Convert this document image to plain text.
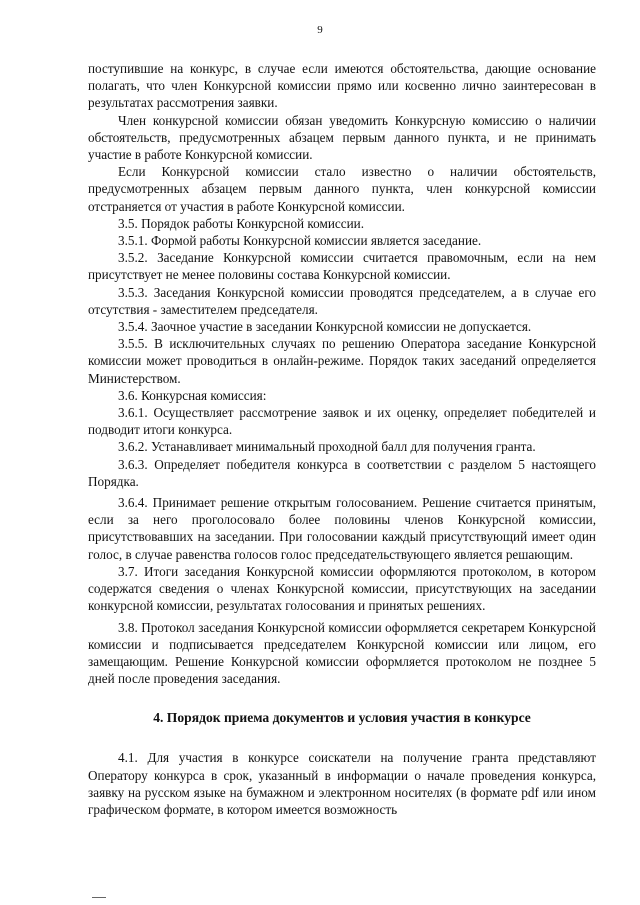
9

поступившие на конкурс, в случае если имеются обстоятельства, дающие основание полагать, что член Конкурсной комиссии прямо или косвенно лично заинтересован в результатах рассмотрения заявки.

Член конкурсной комиссии обязан уведомить Конкурсную комиссию о наличии обстоятельств, предусмотренных абзацем первым данного пункта, и не принимать участие в работе Конкурсной комиссии.

Если Конкурсной комиссии стало известно о наличии обстоятельств, предусмотренных абзацем первым данного пункта, член конкурсной комиссии отстраняется от участия в работе Конкурсной комиссии.

3.5. Порядок работы Конкурсной комиссии.

3.5.1. Формой работы Конкурсной комиссии является заседание.

3.5.2. Заседание Конкурсной комиссии считается правомочным, если на нем присутствует не менее половины состава Конкурсной комиссии.

3.5.3. Заседания Конкурсной комиссии проводятся председателем, а в случае его отсутствия - заместителем председателя.

3.5.4. Заочное участие в заседании Конкурсной комиссии не допускается.

3.5.5. В исключительных случаях по решению Оператора заседание Конкурсной комиссии может проводиться в онлайн-режиме. Порядок таких заседаний определяется Министерством.

3.6. Конкурсная комиссия:

3.6.1. Осуществляет рассмотрение заявок и их оценку, определяет победителей и подводит итоги конкурса.

3.6.2. Устанавливает минимальный проходной балл для получения гранта.

3.6.3. Определяет победителя конкурса в соответствии с разделом 5 настоящего Порядка.

3.6.4. Принимает решение открытым голосованием. Решение считается принятым, если за него проголосовало более половины членов Конкурсной комиссии, присутствовавших на заседании. При голосовании каждый присутствующий имеет один голос, в случае равенства голосов голос председательствующего является решающим.

3.7. Итоги заседания Конкурсной комиссии оформляются протоколом, в котором содержатся сведения о членах Конкурсной комиссии, присутствующих на заседании конкурсной комиссии, результатах голосования и принятых решениях.

3.8. Протокол заседания Конкурсной комиссии оформляется секретарем Конкурсной комиссии и подписывается председателем Конкурсной комиссии или лицом, его замещающим. Решение Конкурсной комиссии оформляется протоколом не позднее 5 дней после проведения заседания.

4. Порядок приема документов и условия участия в конкурсе

4.1. Для участия в конкурсе соискатели на получение гранта представляют Оператору конкурса в срок, указанный в информации о начале проведения конкурса, заявку на русском языке на бумажном и электронном носителях (в формате pdf или ином графическом формате, в котором имеется возможность
